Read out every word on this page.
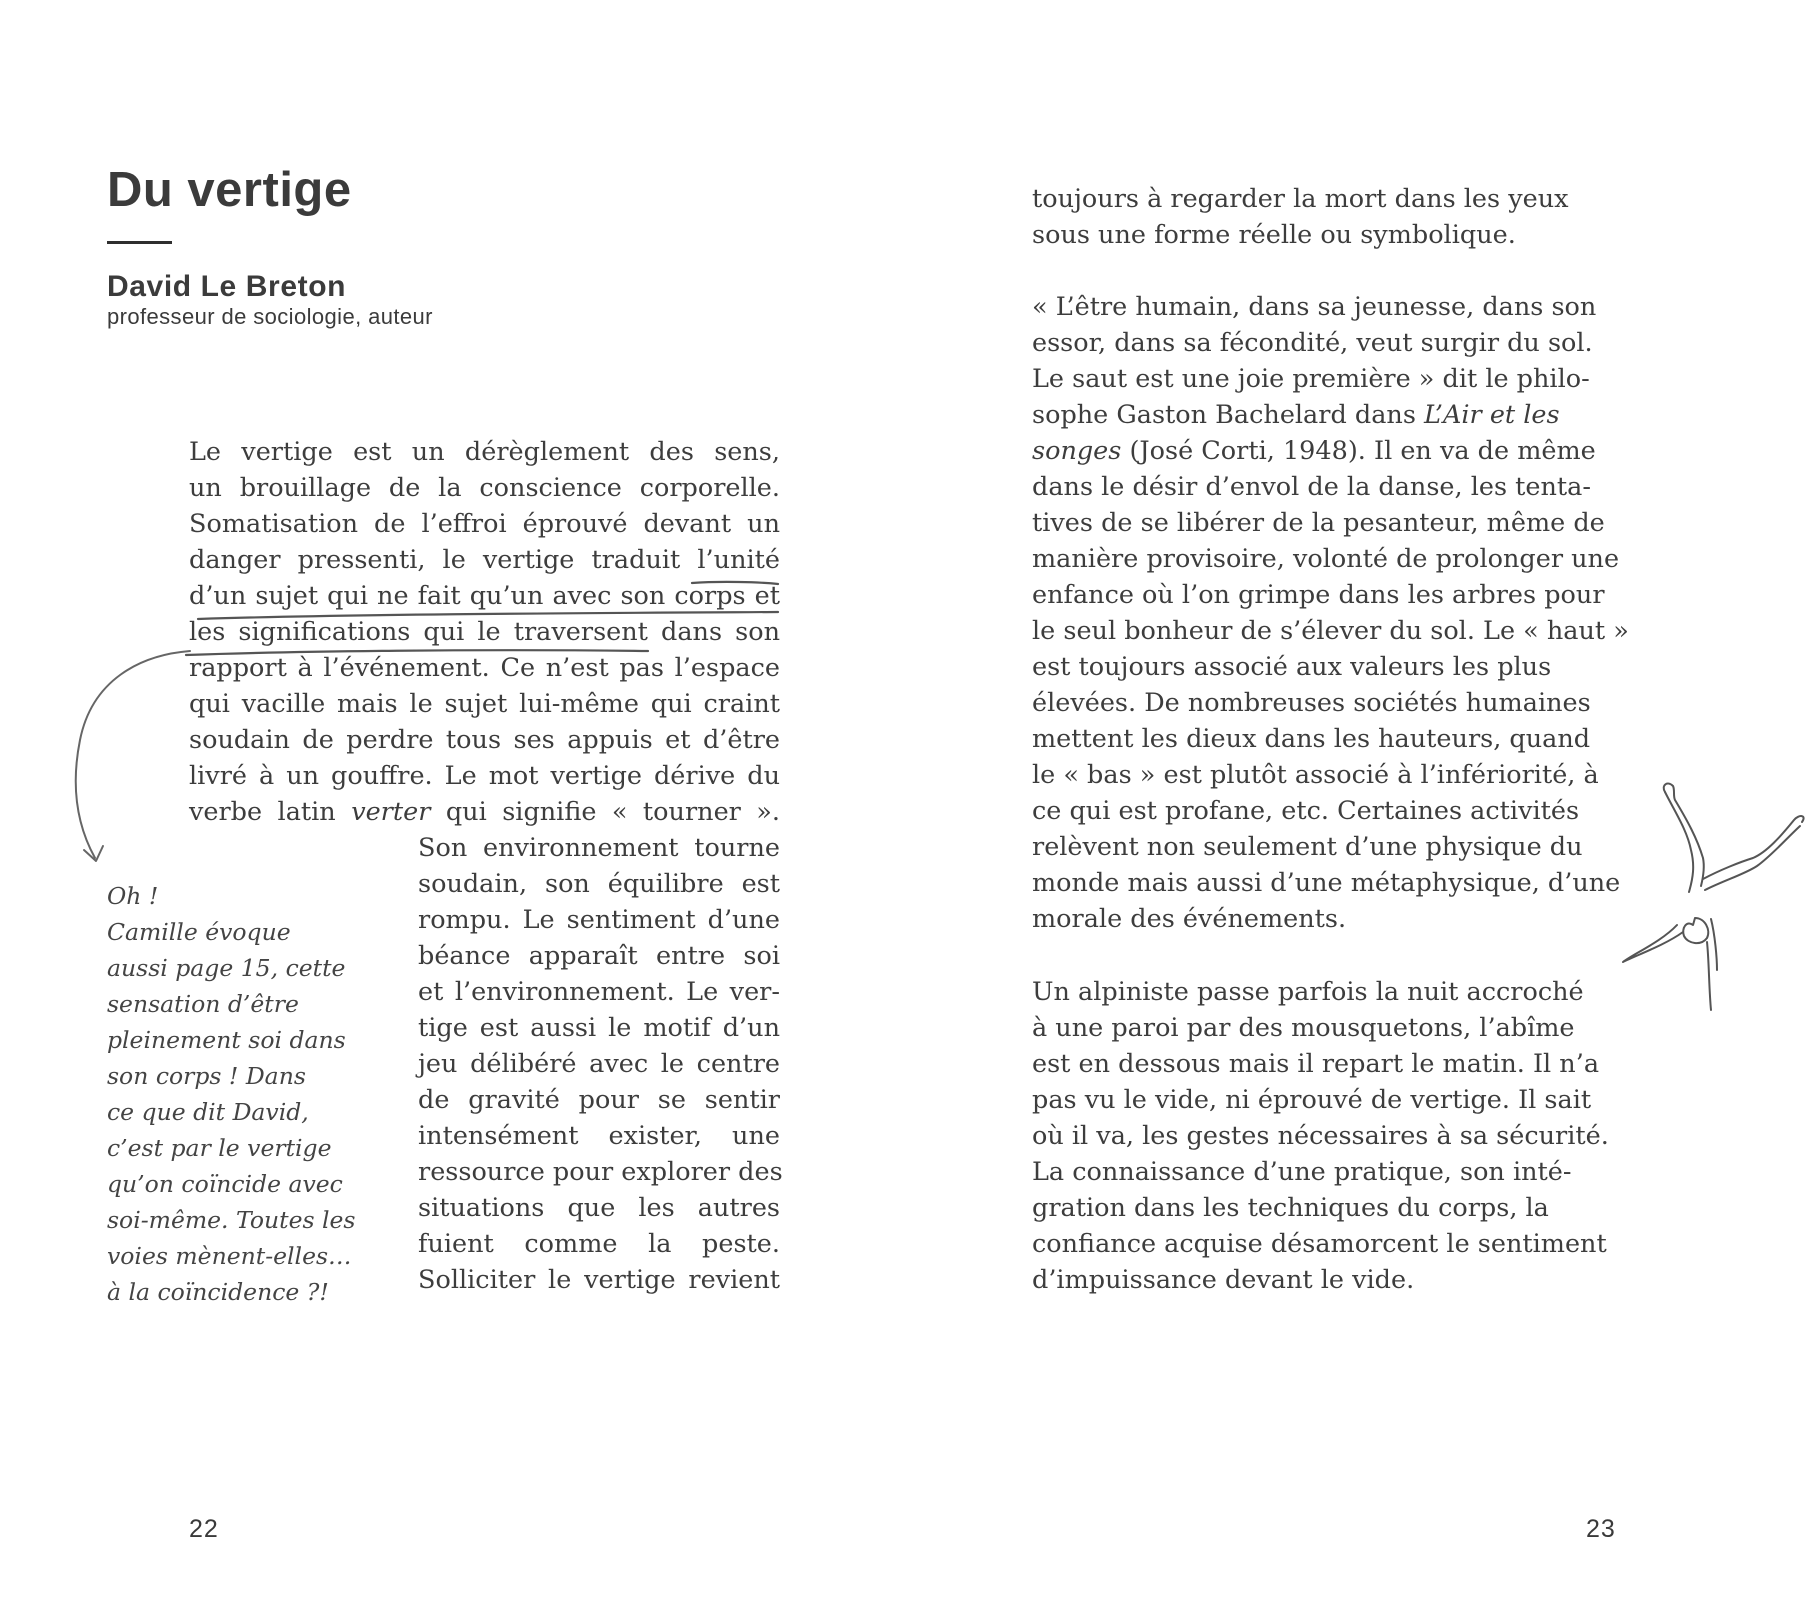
Du vertige
David Le Breton

professeur de sociologie, auteur

Le vertige est un dérèglement des sens,
un brouillage de la conscience corporelle.
Somatisation de l’effroi éprouvé devant un
danger pressenti, le vertige traduit l’unité
d’un sujet qui ne fait qu’un avec son corps et
les significations qui le traversent dans son
rapport à l’événement. Ce n’est pas l’espace
qui vacille mais le sujet lui-même qui craint
soudain de perdre tous ses appuis et d’être
livré à un gouffre. Le mot vertige dérive du
verbe latin verter qui signifie « tourner ».
Son environnement tourne
soudain, son équilibre est
rompu. Le sentiment d’une
béance apparaît entre soi
et l’environnement. Le ver-
tige est aussi le motif d’un
jeu délibéré avec le centre
de gravité pour se sentir
intensément exister, une
ressource pour explorer des
situations que les autres
fuient comme la peste.
Solliciter le vertige revient
Oh !
Camille évoque
aussi page 15, cette
sensation d’être
pleinement soi dans
son corps ! Dans
ce que dit David,
c’est par le vertige
qu’on coïncide avec
soi-même. Toutes les
voies mènent-elles…
à la coïncidence ?!
22
toujours à regarder la mort dans les yeux
sous une forme réelle ou symbolique.
« L’être humain, dans sa jeunesse, dans son
essor, dans sa fécondité, veut surgir du sol.
Le saut est une joie première » dit le philo-
sophe Gaston Bachelard dans L’Air et les
songes (José Corti, 1948). Il en va de même
dans le désir d’envol de la danse, les tenta-
tives de se libérer de la pesanteur, même de
manière provisoire, volonté de prolonger une
enfance où l’on grimpe dans les arbres pour
le seul bonheur de s’élever du sol. Le « haut »
est toujours associé aux valeurs les plus
élevées. De nombreuses sociétés humaines
mettent les dieux dans les hauteurs, quand
le « bas » est plutôt associé à l’infériorité, à
ce qui est profane, etc. Certaines activités
relèvent non seulement d’une physique du
monde mais aussi d’une métaphysique, d’une
morale des événements.
Un alpiniste passe parfois la nuit accroché
à une paroi par des mousquetons, l’abîme
est en dessous mais il repart le matin. Il n’a
pas vu le vide, ni éprouvé de vertige. Il sait
où il va, les gestes nécessaires à sa sécurité.
La connaissance d’une pratique, son inté-
gration dans les techniques du corps, la
confiance acquise désamorcent le sentiment
d’impuissance devant le vide.
23
